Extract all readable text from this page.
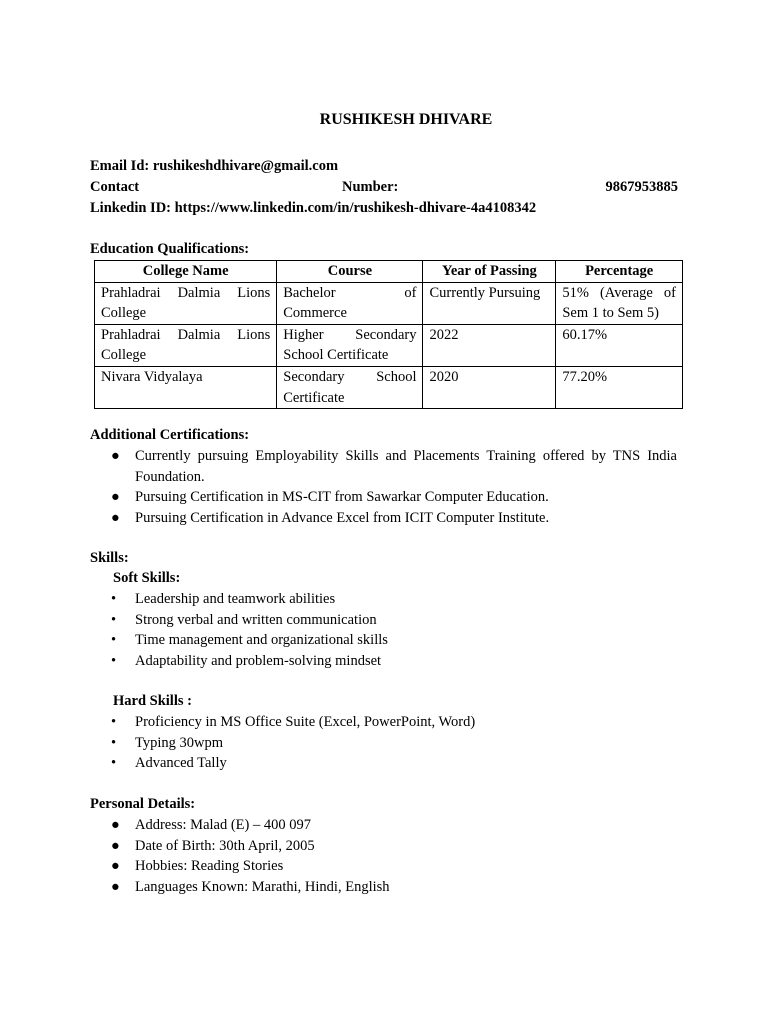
RUSHIKESH DHIVARE
Email Id: rushikeshdhivare@gmail.com
Contact	Number:	9867953885
Linkedin ID: https://www.linkedin.com/in/rushikesh-dhivare-4a4108342
Education Qualifications:
College Name	Course	Year of Passing	Percentage
Prahladrai Dalmia Lions College	Bachelor of Commerce	Currently Pursuing	51% (Average of Sem 1 to Sem 5)
Prahladrai Dalmia Lions College	Higher Secondary School Certificate	2022	60.17%
Nivara Vidyalaya	Secondary School Certificate	2020	77.20%
Additional Certifications:
● Currently pursuing Employability Skills and Placements Training offered by TNS India Foundation.
● Pursuing Certification in MS-CIT from Sawarkar Computer Education.
● Pursuing Certification in Advance Excel from ICIT Computer Institute.
Skills:
Soft Skills:
• Leadership and teamwork abilities
• Strong verbal and written communication
• Time management and organizational skills
• Adaptability and problem-solving mindset
Hard Skills :
• Proficiency in MS Office Suite (Excel, PowerPoint, Word)
• Typing 30wpm
• Advanced Tally
Personal Details:
● Address: Malad (E) – 400 097
● Date of Birth: 30th April, 2005
● Hobbies: Reading Stories
● Languages Known: Marathi, Hindi, English
